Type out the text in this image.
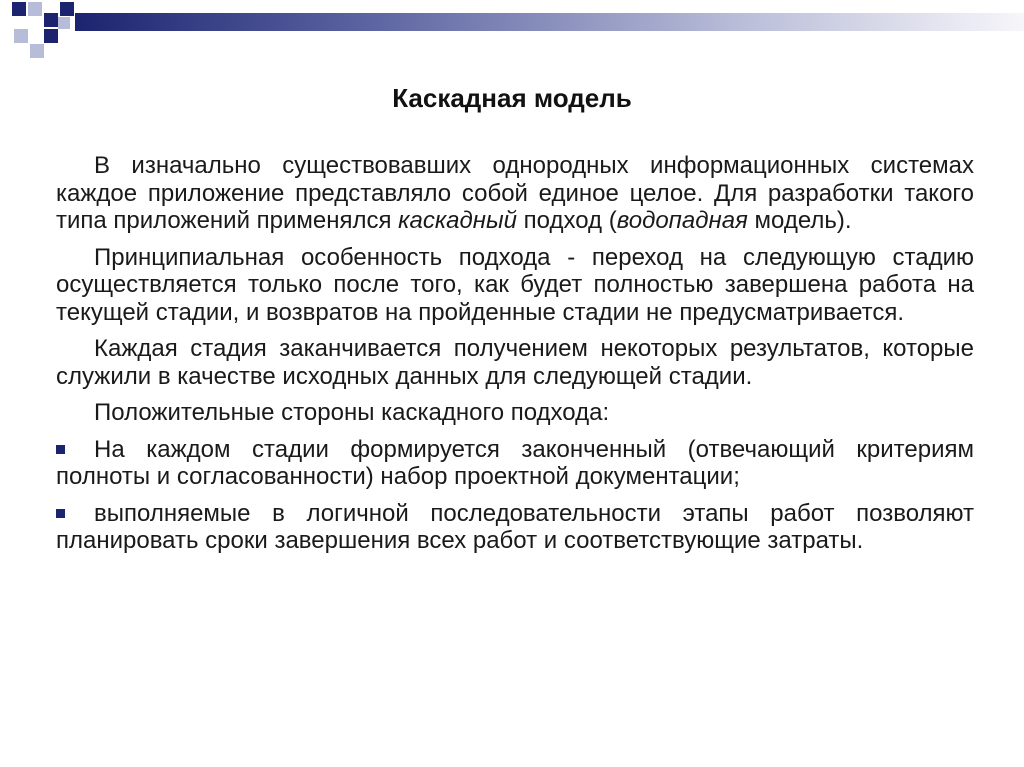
Каскадная модель

В изначально существовавших однородных информационных системах каждое приложение представляло собой единое целое. Для разработки такого типа приложений применялся каскадный подход (водопадная модель).

Принципиальная особенность подхода - переход на следующую стадию осуществляется только после того, как будет полностью завершена работа на текущей стадии, и возвратов на пройденные стадии не предусматривается.

Каждая стадия заканчивается получением некоторых результатов, которые служили в качестве исходных данных для следующей стадии.

Положительные стороны каскадного подхода:

На каждом стадии формируется законченный (отвечающий критериям полноты и согласованности) набор проектной документации;
выполняемые в логичной последовательности этапы работ позволяют планировать сроки завершения всех работ и соответствующие затраты.
